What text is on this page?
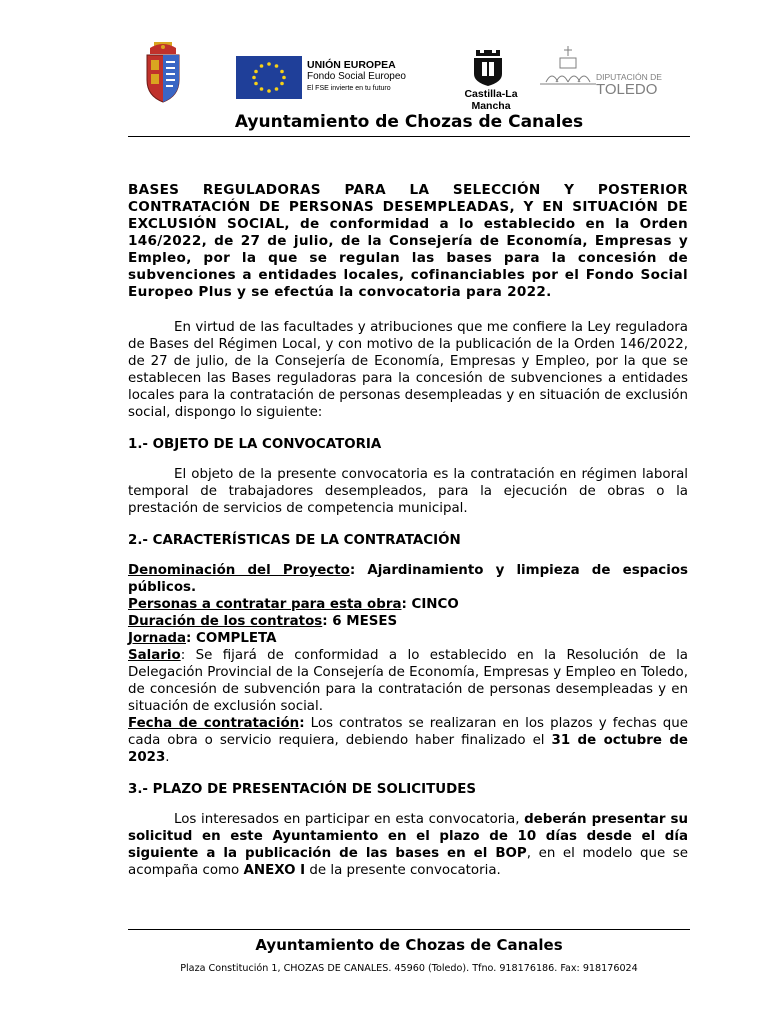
UNIÓN EUROPEA
Fondo Social Europeo
El FSE invierte en tu futuro	Castilla-La Mancha
DIPUTACIÓN DE
TOLEDO
Ayuntamiento de Chozas de Canales

BASES REGULADORAS PARA LA SELECCIÓN Y POSTERIOR CONTRATACIÓN DE PERSONAS DESEMPLEADAS, Y EN SITUACIÓN DE EXCLUSIÓN SOCIAL, de conformidad a lo establecido en la Orden 146/2022, de 27 de julio, de la Consejería de Economía, Empresas y Empleo, por la que se regulan las bases para la concesión de subvenciones a entidades locales, cofinanciables por el Fondo Social Europeo Plus y se efectúa la convocatoria para 2022.

En virtud de las facultades y atribuciones que me confiere la Ley reguladora de Bases del Régimen Local, y con motivo de la publicación de la Orden 146/2022, de 27 de julio, de la Consejería de Economía, Empresas y Empleo, por la que se establecen las Bases reguladoras para la concesión de subvenciones a entidades locales para la contratación de personas desempleadas y en situación de exclusión social, dispongo lo siguiente:

1.- OBJETO DE LA CONVOCATORIA

El objeto de la presente convocatoria es la contratación en régimen laboral temporal de trabajadores desempleados, para la ejecución de obras o la prestación de servicios de competencia municipal.

2.- CARACTERÍSTICAS DE LA CONTRATACIÓN

Denominación del Proyecto: Ajardinamiento y limpieza de espacios públicos.

Personas a contratar para esta obra: CINCO

Duración de los contratos: 6 MESES

Jornada: COMPLETA

Salario: Se fijará de conformidad a lo establecido en la Resolución de la Delegación Provincial de la Consejería de Economía, Empresas y Empleo en Toledo, de concesión de subvención para la contratación de personas desempleadas y en situación de exclusión social.

Fecha de contratación: Los contratos se realizaran en los plazos y fechas que cada obra o servicio requiera, debiendo haber finalizado el 31 de octubre de 2023.

3.- PLAZO DE PRESENTACIÓN DE SOLICITUDES

Los interesados en participar en esta convocatoria, deberán presentar su solicitud en este Ayuntamiento en el plazo de 10 días desde el día siguiente a la publicación de las bases en el BOP, en el modelo que se acompaña como ANEXO I de la presente convocatoria.

Ayuntamiento de Chozas de Canales
Plaza Constitución 1, CHOZAS DE CANALES. 45960 (Toledo). Tfno. 918176186. Fax: 918176024
